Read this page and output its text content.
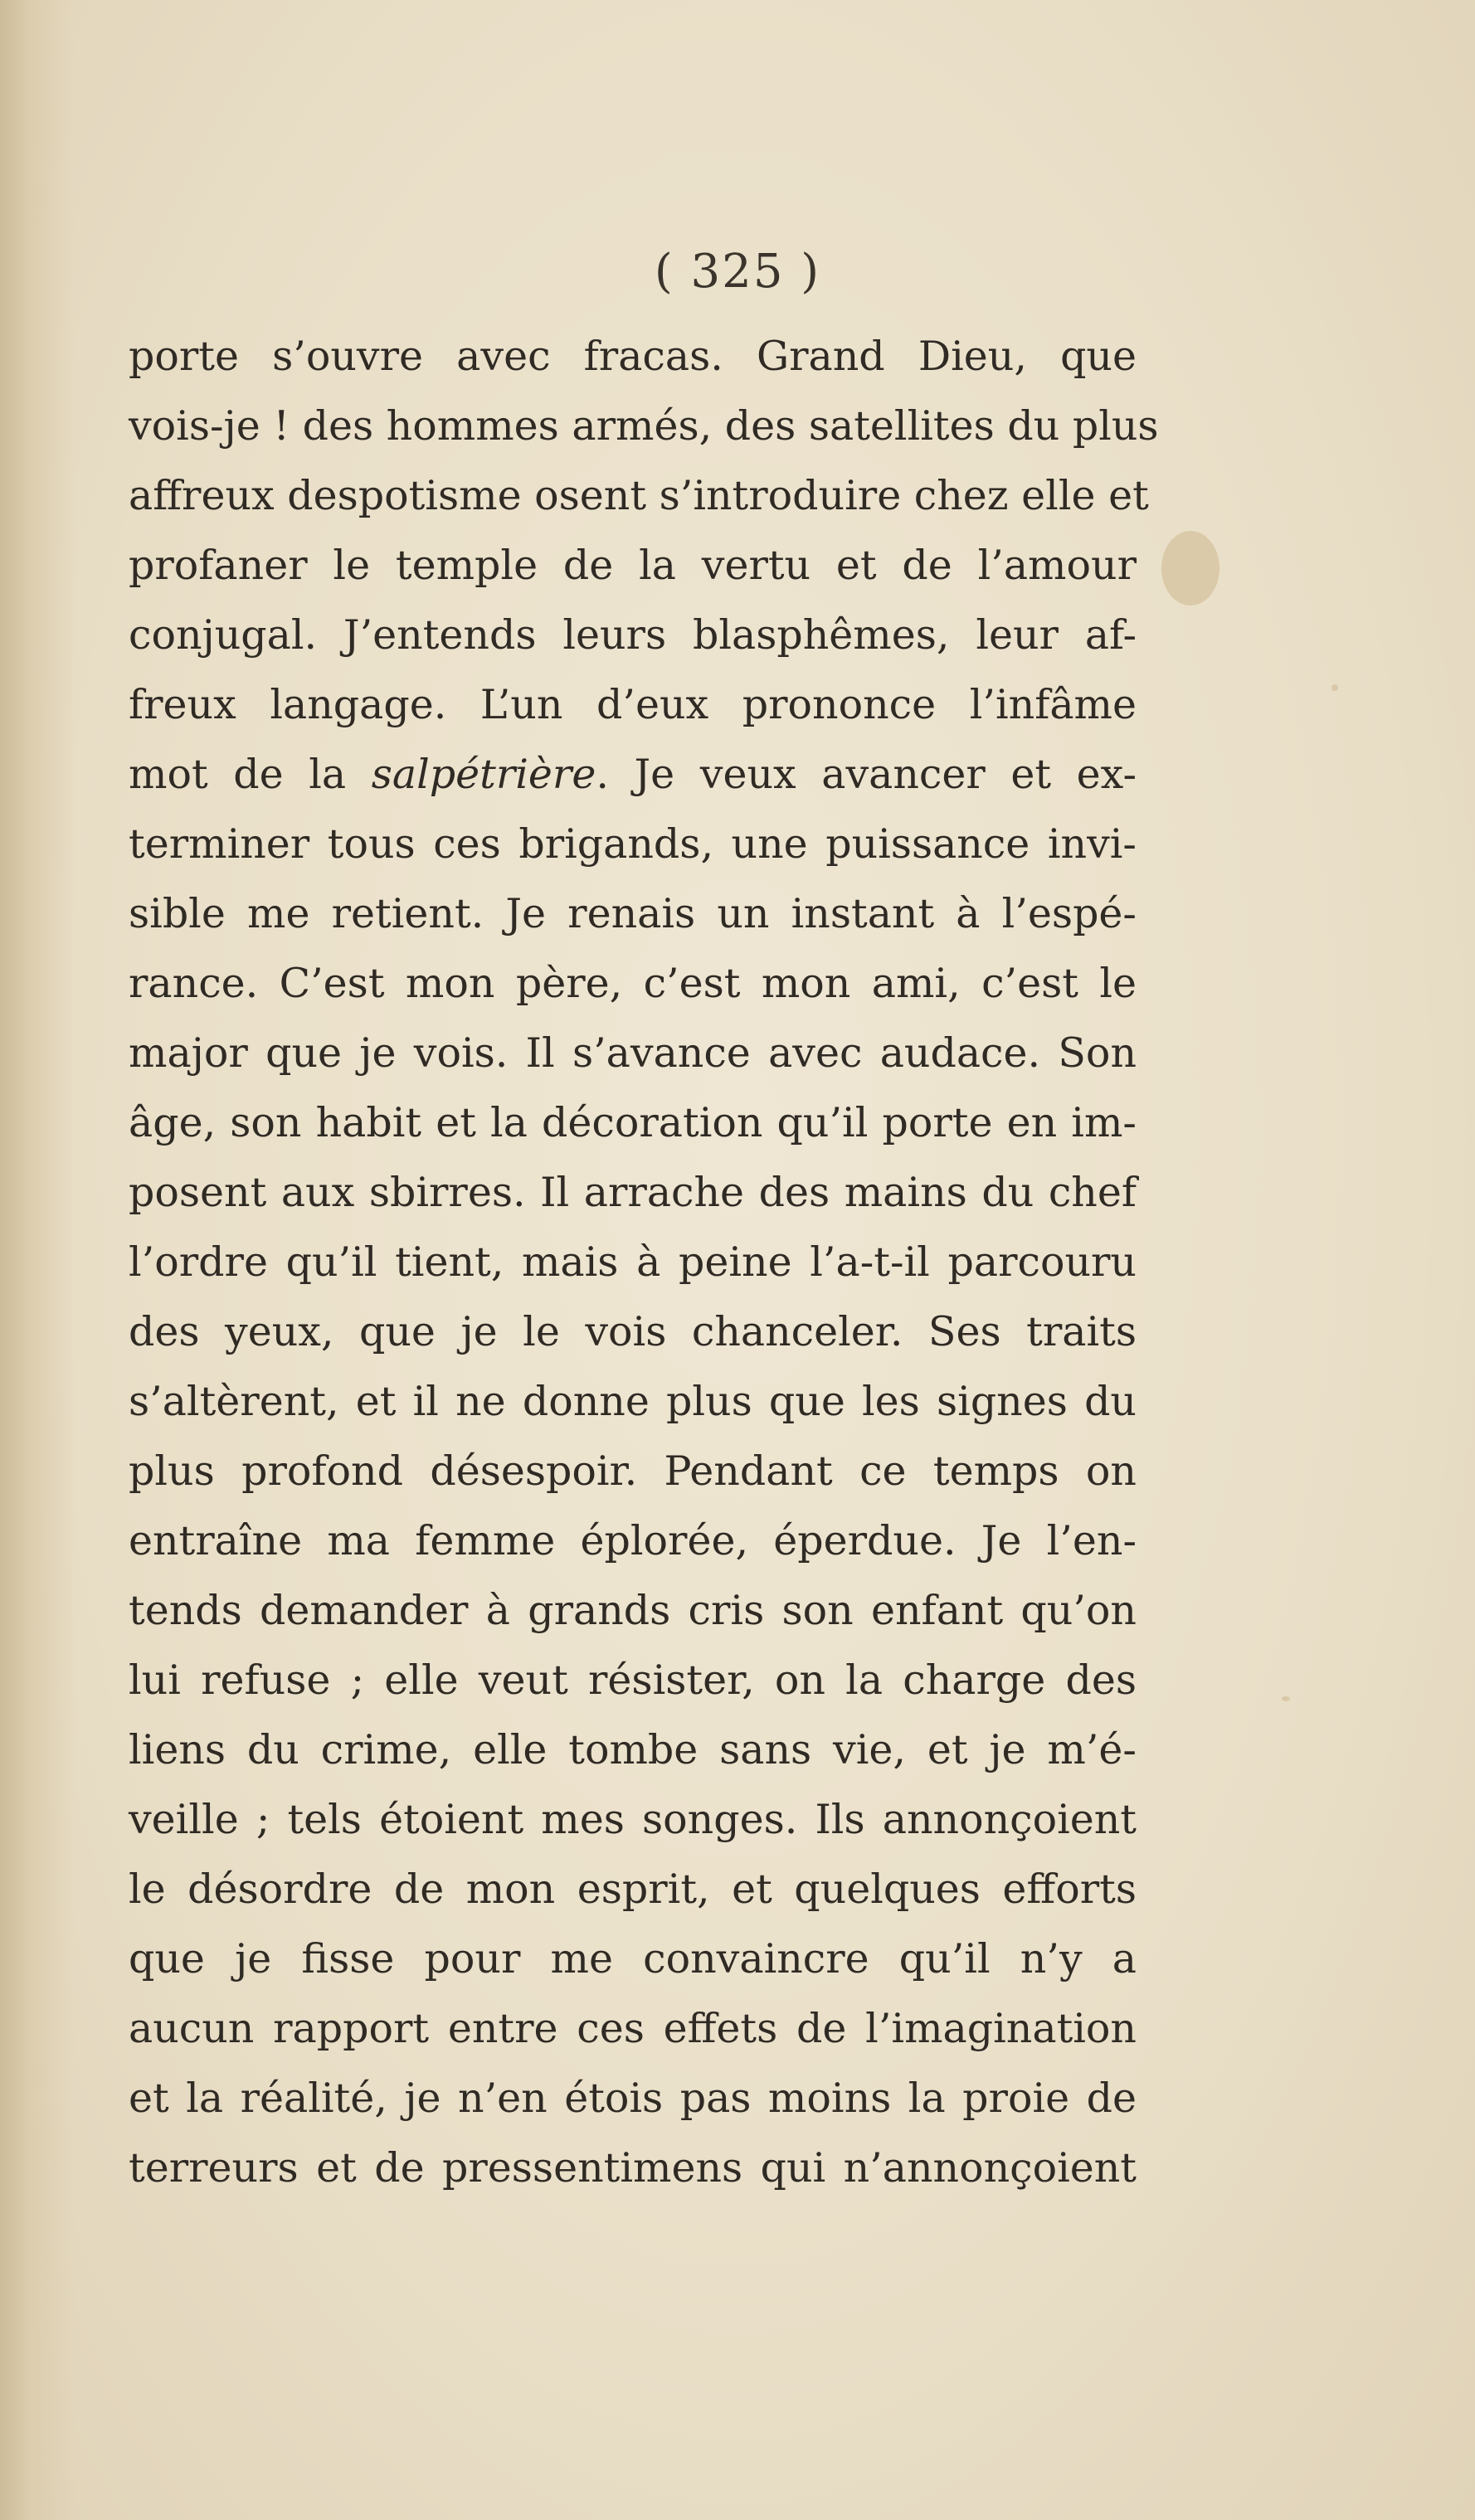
( 325 )
porte s’ouvre avec fracas. Grand Dieu, que
vois-je ! des hommes armés, des satellites du plus
affreux despotisme osent s’introduire chez elle et
profaner le temple de la vertu et de l’amour
conjugal. J’entends leurs blasphêmes, leur af-
freux langage. L’un d’eux prononce l’infâme
mot de la salpétrière. Je veux avancer et ex-
terminer tous ces brigands, une puissance invi-
sible me retient. Je renais un instant à l’espé-
rance. C’est mon père, c’est mon ami, c’est le
major que je vois. Il s’avance avec audace. Son
âge, son habit et la décoration qu’il porte en im-
posent aux sbirres. Il arrache des mains du chef
l’ordre qu’il tient, mais à peine l’a-t-il parcouru
des yeux, que je le vois chanceler. Ses traits
s’altèrent, et il ne donne plus que les signes du
plus profond désespoir. Pendant ce temps on
entraîne ma femme éplorée, éperdue. Je l’en-
tends demander à grands cris son enfant qu’on
lui refuse ; elle veut résister, on la charge des
liens du crime, elle tombe sans vie, et je m’é-
veille ; tels étoient mes songes. Ils annonçoient
le désordre de mon esprit, et quelques efforts
que je fisse pour me convaincre qu’il n’y a
aucun rapport entre ces effets de l’imagination
et la réalité, je n’en étois pas moins la proie de
terreurs et de pressentimens qui n’annonçoient
